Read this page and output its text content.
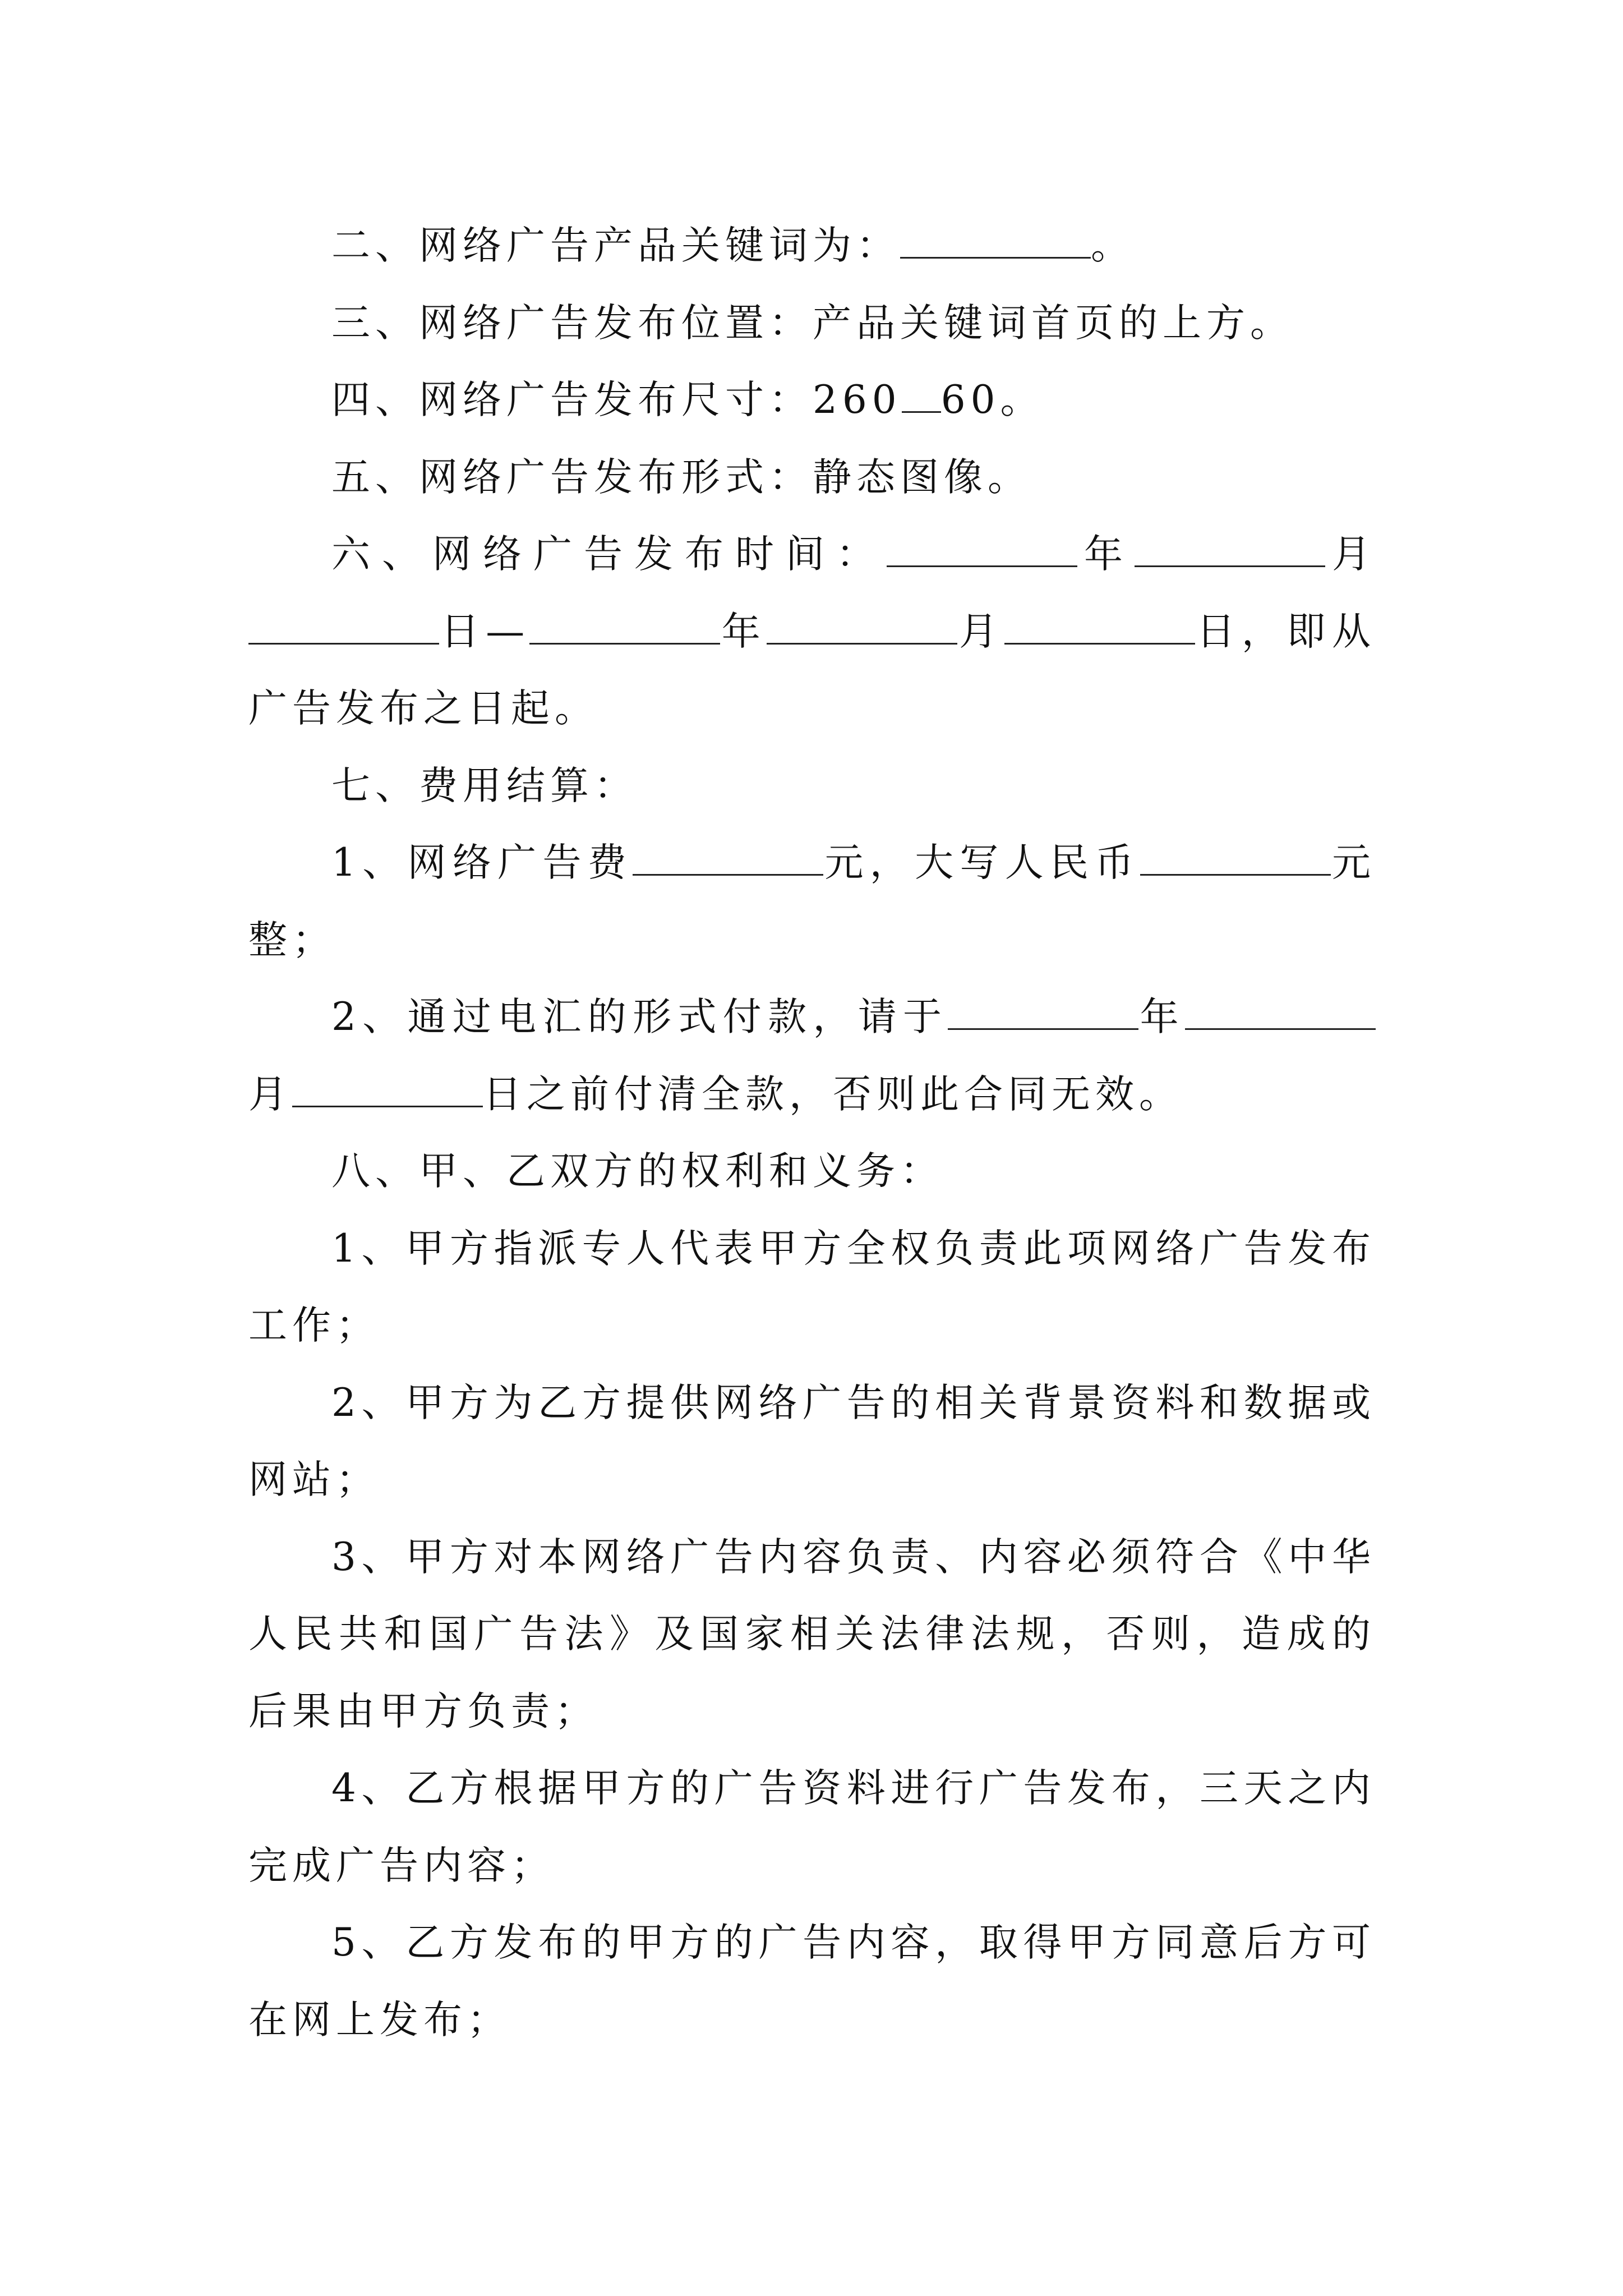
二、网络广告产品关键词为：	。

三、网络广告发布位置：产品关键词首页的上方。

四、网络广告发布尺寸：260 60。

五、网络广告发布形式：静态图像。

六、网络广告发布时间：	年	月日—	年	月	日，即从广告发布之日起。

七、费用结算：

1、网络广告费	元，大写人民币	元整；

2、通过电汇的形式付款，请于	年月	日之前付清全款，否则此合同无效。

八、甲、乙双方的权利和义务：

1、甲方指派专人代表甲方全权负责此项网络广告发布工作；

2、甲方为乙方提供网络广告的相关背景资料和数据或网站；

3、甲方对本网络广告内容负责、内容必须符合《中华人民共和国广告法》及国家相关法律法规，否则，造成的后果由甲方负责；

4、乙方根据甲方的广告资料进行广告发布，三天之内完成广告内容；

5、乙方发布的甲方的广告内容，取得甲方同意后方可在网上发布；
